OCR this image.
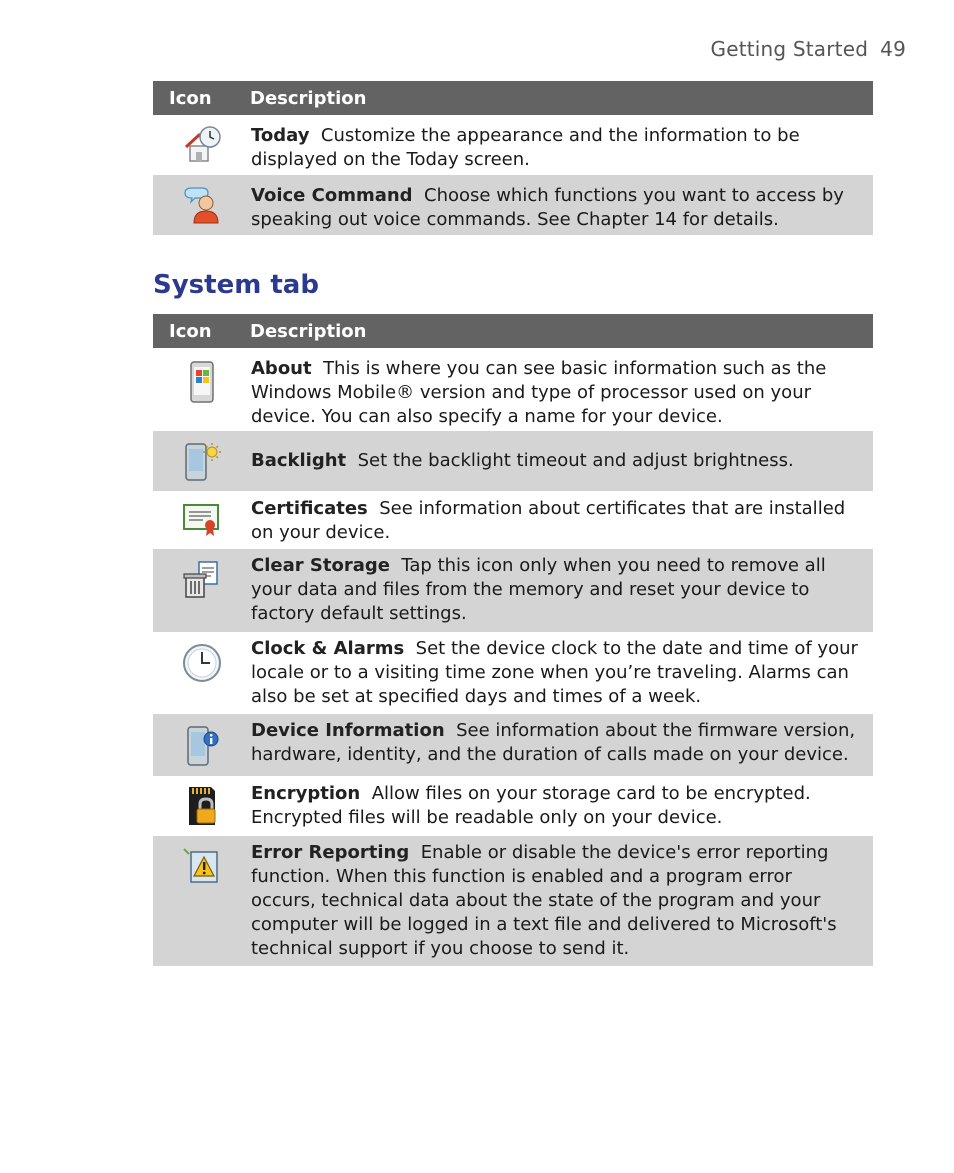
Getting Started 49
Icon	Description

	Today Customize the appearance and the information to be displayed on the Today screen.

	Voice Command Choose which functions you want to access by speaking out voice commands. See Chapter 14 for details.
System tab
Icon	Description

	About This is where you can see basic information such as the Windows Mobile® version and type of processor used on your device. You can also specify a name for your device.

	Backlight Set the backlight timeout and adjust brightness.

	Certificates See information about certificates that are installed on your device.

	Clear Storage Tap this icon only when you need to remove all your data and files from the memory and reset your device to factory default settings.

	Clock & Alarms Set the device clock to the date and time of your locale or to a visiting time zone when you’re traveling. Alarms can also be set at specified days and times of a week.

	Device Information See information about the firmware version, hardware, identity, and the duration of calls made on your device.

	Encryption Allow files on your storage card to be encrypted. Encrypted files will be readable only on your device.

	Error Reporting Enable or disable the device's error reporting function. When this function is enabled and a program error occurs, technical data about the state of the program and your computer will be logged in a text file and delivered to Microsoft's technical support if you choose to send it.
